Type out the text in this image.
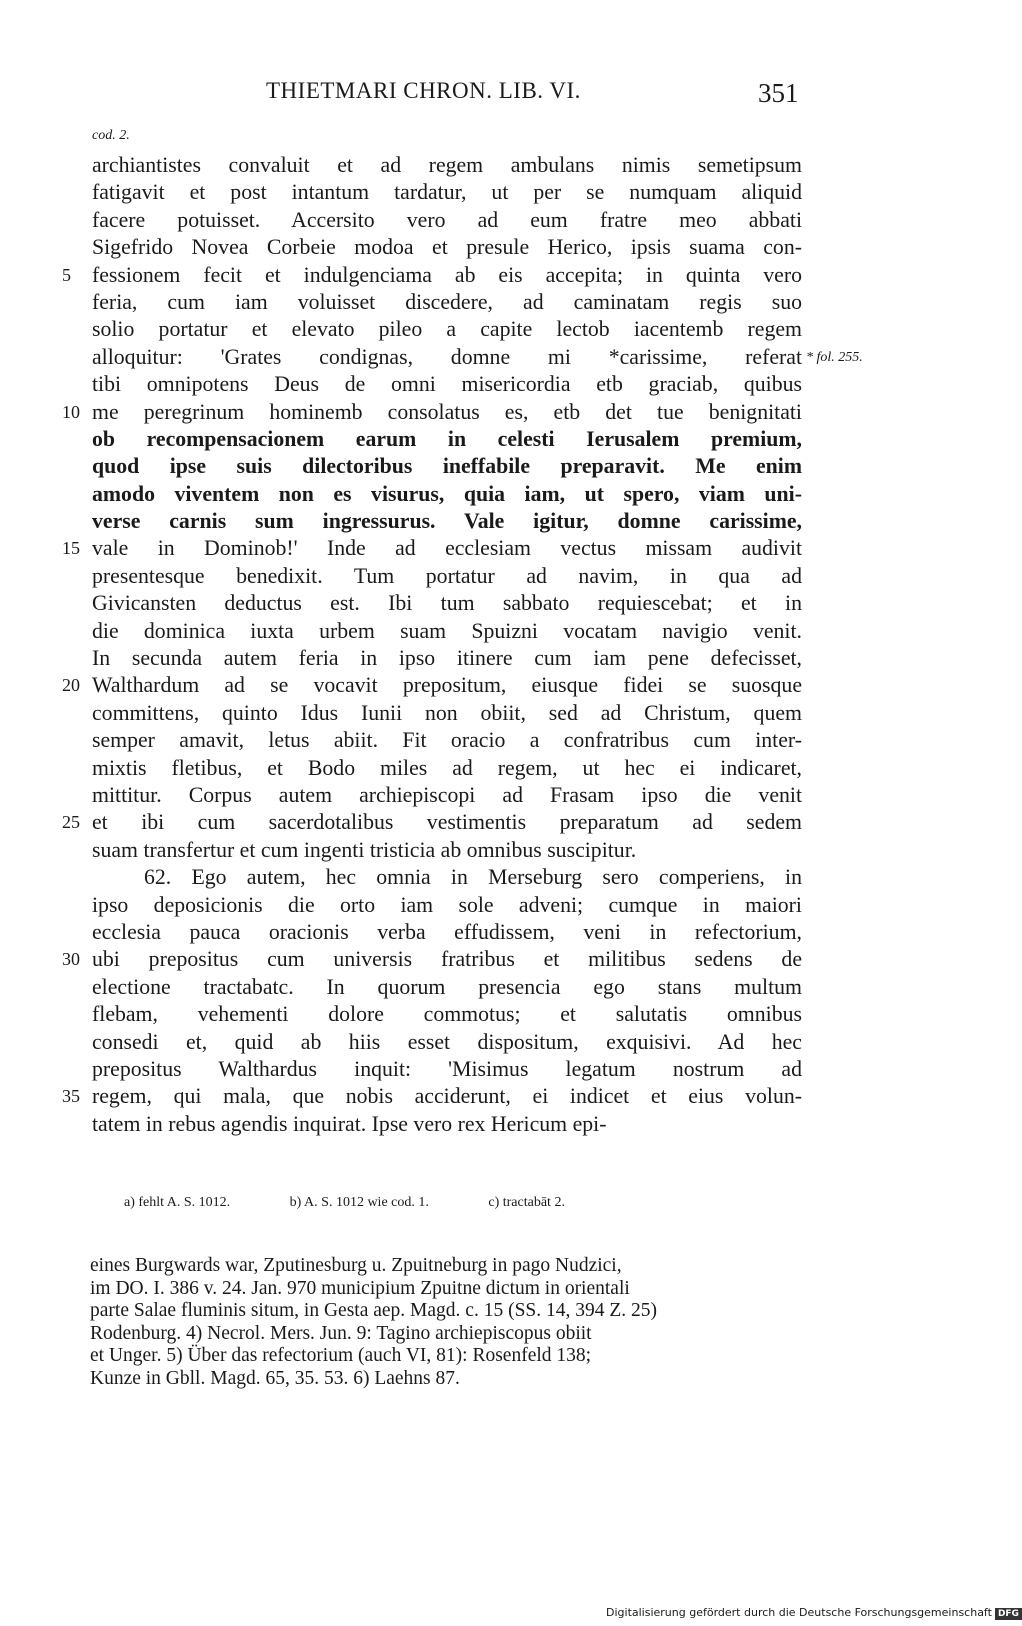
THIETMARI CHRON. LIB. VI.	351
cod. 2.
archiantistes convaluit et ad regem ambulans nimis semetipsum
fatigavit et post intantum tardatur, ut per se numquam aliquid
facere potuisset. Accersito vero ad eum fratre meo abbati
Sigefrido Novea Corbeie modoa et presule Herico, ipsis suama con-
5 fessionem fecit et indulgenciama ab eis accepita; in quinta vero
feria, cum iam voluisset discedere, ad caminatam regis suo
solio portatur et elevato pileo a capite lectob iacentemb regem
alloquitur: 'Grates condignas, domne mi *carissime, referat * fol. 255.
tibi omnipotens Deus de omni misericordia etb graciab, quibus
10 me peregrinum hominemb consolatus es, etb det tue benignitati
ob recompensacionem earum in celesti Ierusalem premium,
quod ipse suis dilectoribus ineffabile preparavit. Me enim
amodo viventem non es visurus, quia iam, ut spero, viam uni-
verse carnis sum ingressurus. Vale igitur, domne carissime,
15 vale in Dominob!' Inde ad ecclesiam vectus missam audivit
presentesque benedixit. Tum portatur ad navim, in qua ad
Givicansten deductus est. Ibi tum sabbato requiescebat; et in
die dominica iuxta urbem suam Spuizni vocatam navigio venit.
In secunda autem feria in ipso itinere cum iam pene defecisset,
20 Walthardum ad se vocavit prepositum, eiusque fidei se suosque
committens, quinto Idus Iunii non obiit, sed ad Christum, quem
semper amavit, letus abiit. Fit oracio a confratribus cum inter-
mixtis fletibus, et Bodo miles ad regem, ut hec ei indicaret,
mittitur. Corpus autem archiepiscopi ad Frasam ipso die venit
25 et ibi cum sacerdotalibus vestimentis preparatum ad sedem
suam transfertur et cum ingenti tristicia ab omnibus suscipitur.
62. Ego autem, hec omnia in Merseburg sero comperiens, in
ipso deposicionis die orto iam sole adveni; cumque in maiori
ecclesia pauca oracionis verba effudissem, veni in refectorium,
30 ubi prepositus cum universis fratribus et militibus sedens de
electione tractabatc. In quorum presencia ego stans multum
flebam, vehementi dolore commotus; et salutatis omnibus
consedi et, quid ab hiis esset dispositum, exquisivi. Ad hec
prepositus Walthardus inquit: 'Misimus legatum nostrum ad
35 regem, qui mala, que nobis acciderunt, ei indicet et eius volun-
tatem in rebus agendis inquirat. Ipse vero rex Hericum epi-
a) fehlt A. S. 1012.	b) A. S. 1012 wie cod. 1.	c) tractabāt 2.
eines Burgwards war, Zputinesburg u. Zpuitneburg in pago Nudzici,
im DO. I. 386 v. 24. Jan. 970 municipium Zpuitne dictum in orientali
parte Salae fluminis situm, in Gesta aep. Magd. c. 15 (SS. 14, 394 Z. 25)
Rodenburg. 4) Necrol. Mers. Jun. 9: Tagino archiepiscopus obiit
et Unger. 5) Über das refectorium (auch VI, 81): Rosenfeld 138;
Kunze in Gbll. Magd. 65, 35. 53. 6) Laehns 87.
Digitalisierung gefördert durch die Deutsche Forschungsgemeinschaft DFG
